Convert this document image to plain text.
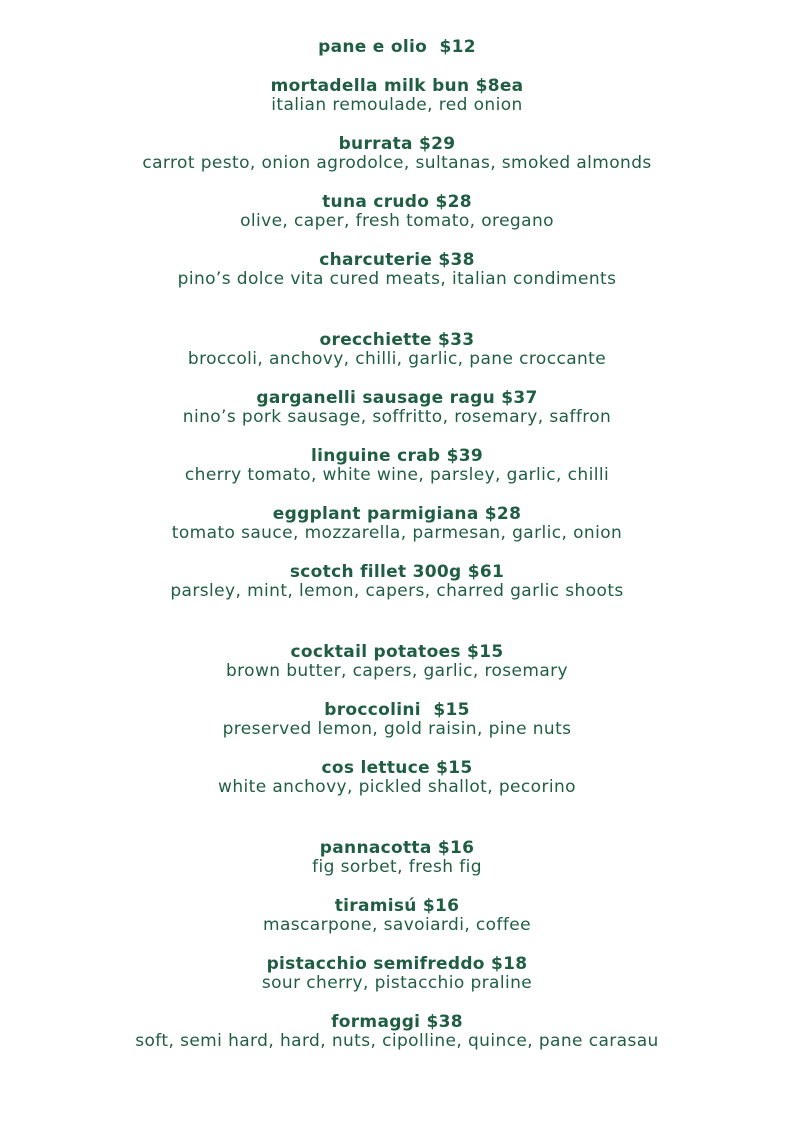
pane e olio  $12
mortadella milk bun $8ea
italian remoulade, red onion
burrata $29
carrot pesto, onion agrodolce, sultanas, smoked almonds
tuna crudo $28
olive, caper, fresh tomato, oregano
charcuterie $38
pino’s dolce vita cured meats, italian condiments
orecchiette $33
broccoli, anchovy, chilli, garlic, pane croccante
garganelli sausage ragu $37
nino’s pork sausage, soffritto, rosemary, saffron
linguine crab $39
cherry tomato, white wine, parsley, garlic, chilli
eggplant parmigiana $28
tomato sauce, mozzarella, parmesan, garlic, onion
scotch fillet 300g $61
parsley, mint, lemon, capers, charred garlic shoots
cocktail potatoes $15
brown butter, capers, garlic, rosemary
broccolini  $15
preserved lemon, gold raisin, pine nuts
cos lettuce $15
white anchovy, pickled shallot, pecorino
pannacotta $16
fig sorbet, fresh fig
tiramisú $16
mascarpone, savoiardi, coffee
pistacchio semifreddo $18
sour cherry, pistacchio praline
formaggi $38
soft, semi hard, hard, nuts, cipolline, quince, pane carasau
